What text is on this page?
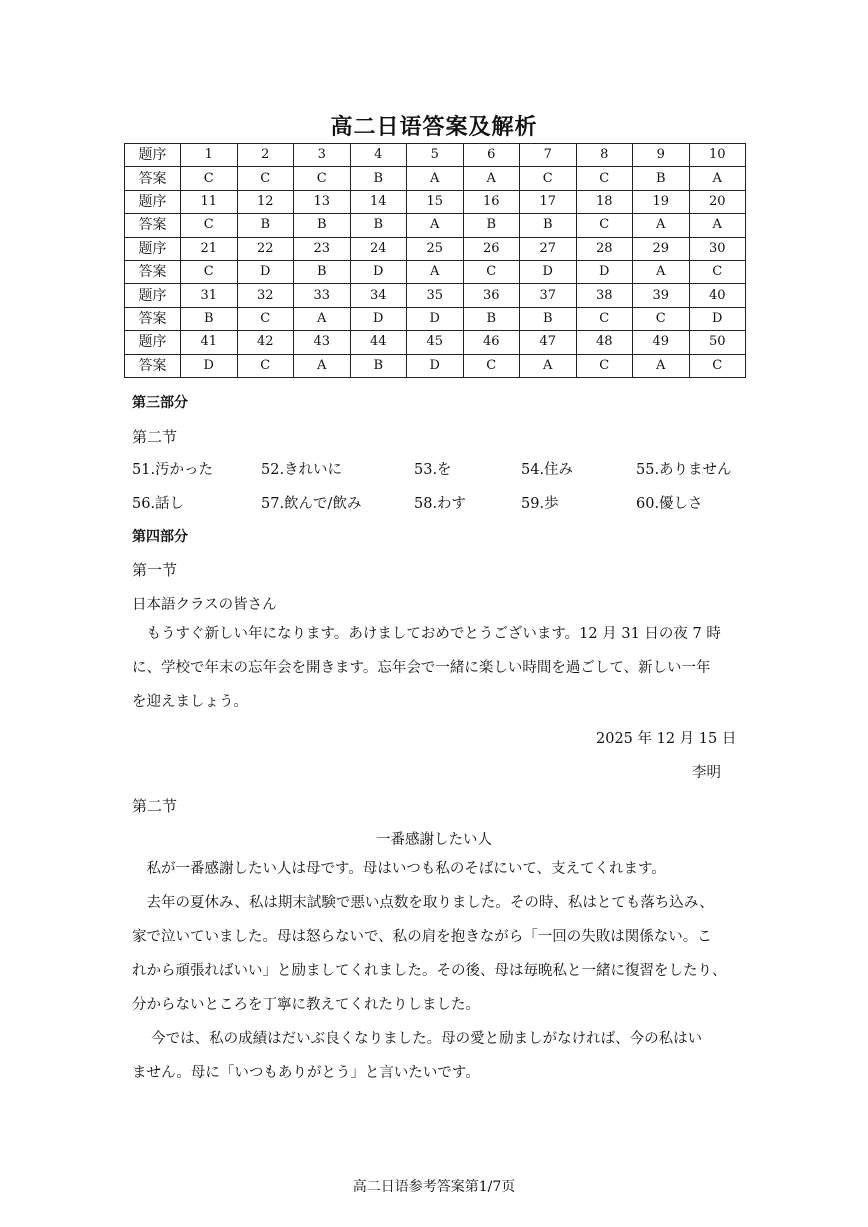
高二日语答案及解析
题序	1	2	3	4	5	6	7	8	9	10
答案	C	C	C	B	A	A	C	C	B	A
题序	11	12	13	14	15	16	17	18	19	20
答案	C	B	B	B	A	B	B	C	A	A
题序	21	22	23	24	25	26	27	28	29	30
答案	C	D	B	D	A	C	D	D	A	C
题序	31	32	33	34	35	36	37	38	39	40
答案	B	C	A	D	D	B	B	C	C	D
题序	41	42	43	44	45	46	47	48	49	50
答案	D	C	A	B	D	C	A	C	A	C
第三部分
第二节
51.汚かった	52.きれいに	53.を	54.住み	55.ありません
56.話し	57.飲んで/飲み	58.わす	59.歩	60.優しさ
第四部分
第一节
日本語クラスの皆さん
　もうすぐ新しい年になります。あけましておめでとうございます。12 月 31 日の夜 7 時
に、学校で年末の忘年会を開きます。忘年会で一緒に楽しい時間を過ごして、新しい一年
を迎えましょう。
2025 年 12 月 15 日
李明
第二节
一番感謝したい人
　私が一番感謝したい人は母です。母はいつも私のそばにいて、支えてくれます。
　去年の夏休み、私は期末試験で悪い点数を取りました。その時、私はとても落ち込み、
家で泣いていました。母は怒らないで、私の肩を抱きながら「一回の失敗は関係ない。こ
れから頑張ればいい」と励ましてくれました。その後、母は毎晩私と一緒に復習をしたり、
分からないところを丁寧に教えてくれたりしました。
　 今では、私の成績はだいぶ良くなりました。母の愛と励ましがなければ、今の私はい
ません。母に「いつもありがとう」と言いたいです。
高二日语参考答案第1/7页
